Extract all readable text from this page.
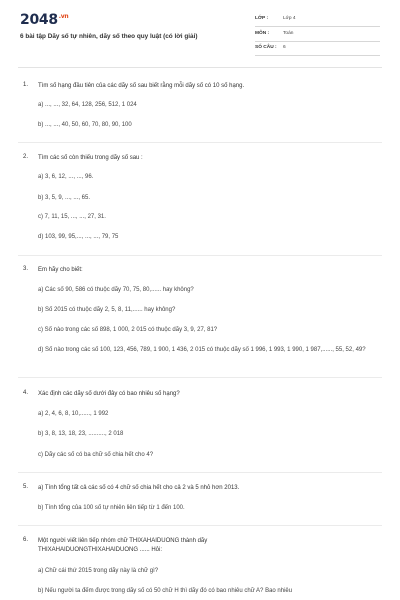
$2048^{.vn}$
6 bài tập Dãy số tự nhiên, dãy số theo quy luật (có lời giải)
LỚP :	Lớp 4
MÔN :	Toán
SỐ CÂU : 6
1. Tìm số hạng đầu tiên của các dãy số sau biết rằng mỗi dãy số có 10 số hạng.
a) ..., ..., 32, 64, 128, 256, 512, 1 024
b) ..., ..., 40, 50, 60, 70, 80, 90, 100
2. Tìm các số còn thiếu trong dãy số sau :
a) 3, 6, 12, ..., ..., 96.
b) 3, 5, 9, ..., ..., 65.
c) 7, 11, 15, ..., ..., 27, 31.
d) 103, 99, 95,..., ..., ..., 79, 75
3. Em hãy cho biết:
a) Các số 90, 586 có thuộc dãy 70, 75, 80,...... hay không?
b) Số 2015 có thuộc dãy 2, 5, 8, 11,...... hay không?
c) Số nào trong các số 898, 1 000, 2 015 có thuộc dãy 3, 9, 27, 81?
d) Số nào trong các số 100, 123, 456, 789, 1 900, 1 436, 2 015 có thuộc dãy số 1 996, 1 993, 1 990, 1 987,......, 55, 52, 49?
4. Xác định các dãy số dưới đây có bao nhiêu số hạng?
a) 2, 4, 6, 8, 10,......, 1 992
b) 3, 8, 13, 18, 23, .........., 2 018
c) Dãy các số có ba chữ số chia hết cho 4?
5. a) Tính tổng tất cả các số có 4 chữ số chia hết cho cả 2 và 5 nhỏ hơn 2013.
b) Tính tổng của 100 số tự nhiên liên tiếp từ 1 đến 100.
6. Một người viết liên tiếp nhóm chữ THIXAHAIDUONG thành dãy THIXAHAIDUONGTHIXAHAIDUONG ...... Hỏi:
a) Chữ cái thứ 2015 trong dãy này là chữ gì?
b) Nếu người ta đếm được trong dãy số có 50 chữ H thì dãy đó có bao nhiêu chữ A? Bao nhiêu
